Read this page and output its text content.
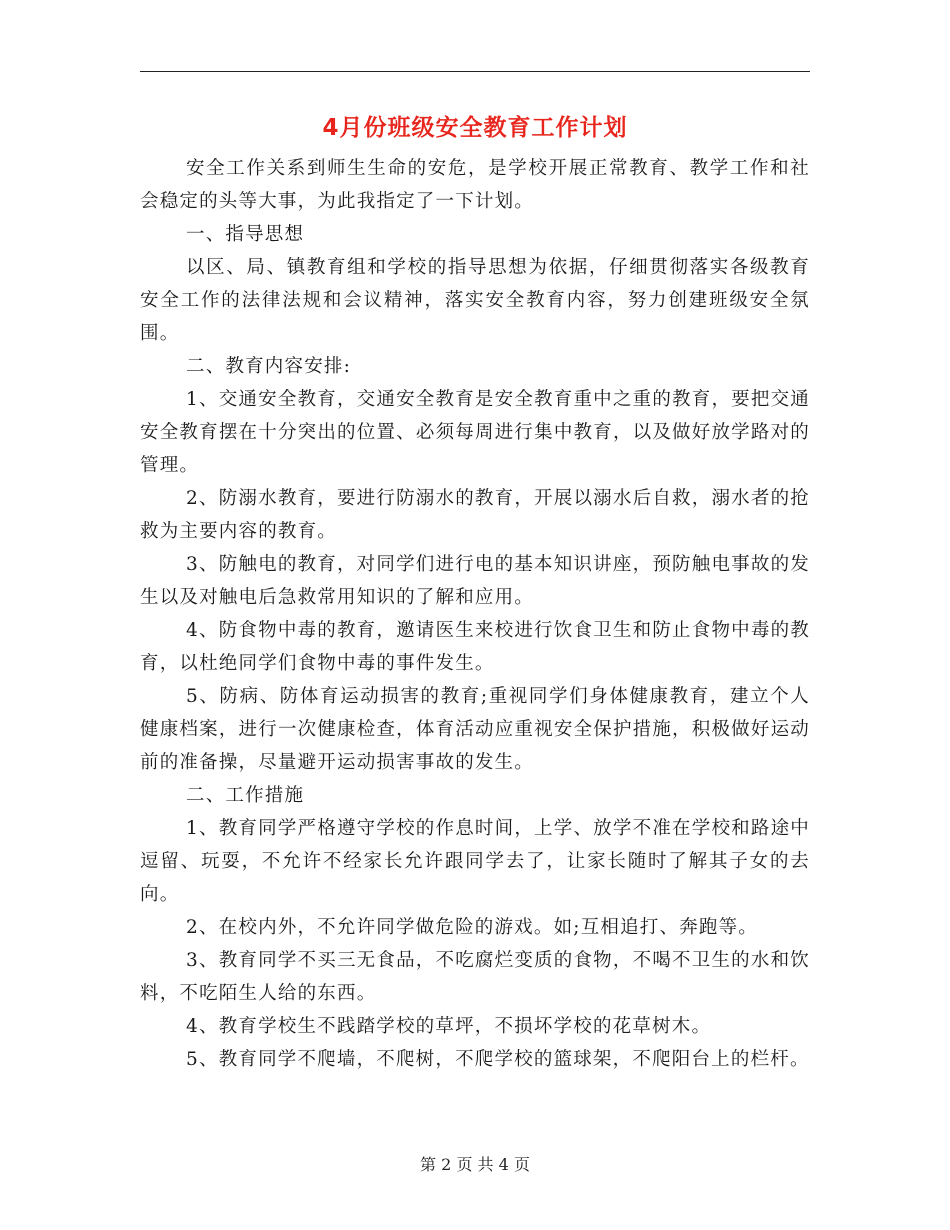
4月份班级安全教育工作计划

安全工作关系到师生生命的安危，是学校开展正常教育、教学工作和社会稳定的头等大事，为此我指定了一下计划。

一、指导思想

以区、局、镇教育组和学校的指导思想为依据，仔细贯彻落实各级教育安全工作的法律法规和会议精神，落实安全教育内容，努力创建班级安全氛围。

二、教育内容安排:

1、交通安全教育，交通安全教育是安全教育重中之重的教育，要把交通安全教育摆在十分突出的位置、必须每周进行集中教育，以及做好放学路对的管理。

2、防溺水教育，要进行防溺水的教育，开展以溺水后自救，溺水者的抢救为主要内容的教育。

3、防触电的教育，对同学们进行电的基本知识讲座，预防触电事故的发生以及对触电后急救常用知识的了解和应用。

4、防食物中毒的教育，邀请医生来校进行饮食卫生和防止食物中毒的教育，以杜绝同学们食物中毒的事件发生。

5、防病、防体育运动损害的教育;重视同学们身体健康教育，建立个人健康档案，进行一次健康检查，体育活动应重视安全保护措施，积极做好运动前的准备操，尽量避开运动损害事故的发生。

二、工作措施

1、教育同学严格遵守学校的作息时间，上学、放学不准在学校和路途中逗留、玩耍，不允许不经家长允许跟同学去了，让家长随时了解其子女的去向。

2、在校内外，不允许同学做危险的游戏。如;互相追打、奔跑等。

3、教育同学不买三无食品，不吃腐烂变质的食物，不喝不卫生的水和饮料，不吃陌生人给的东西。

4、教育学校生不践踏学校的草坪，不损坏学校的花草树木。

5、教育同学不爬墙，不爬树，不爬学校的篮球架，不爬阳台上的栏杆。

第 2 页 共 4 页
